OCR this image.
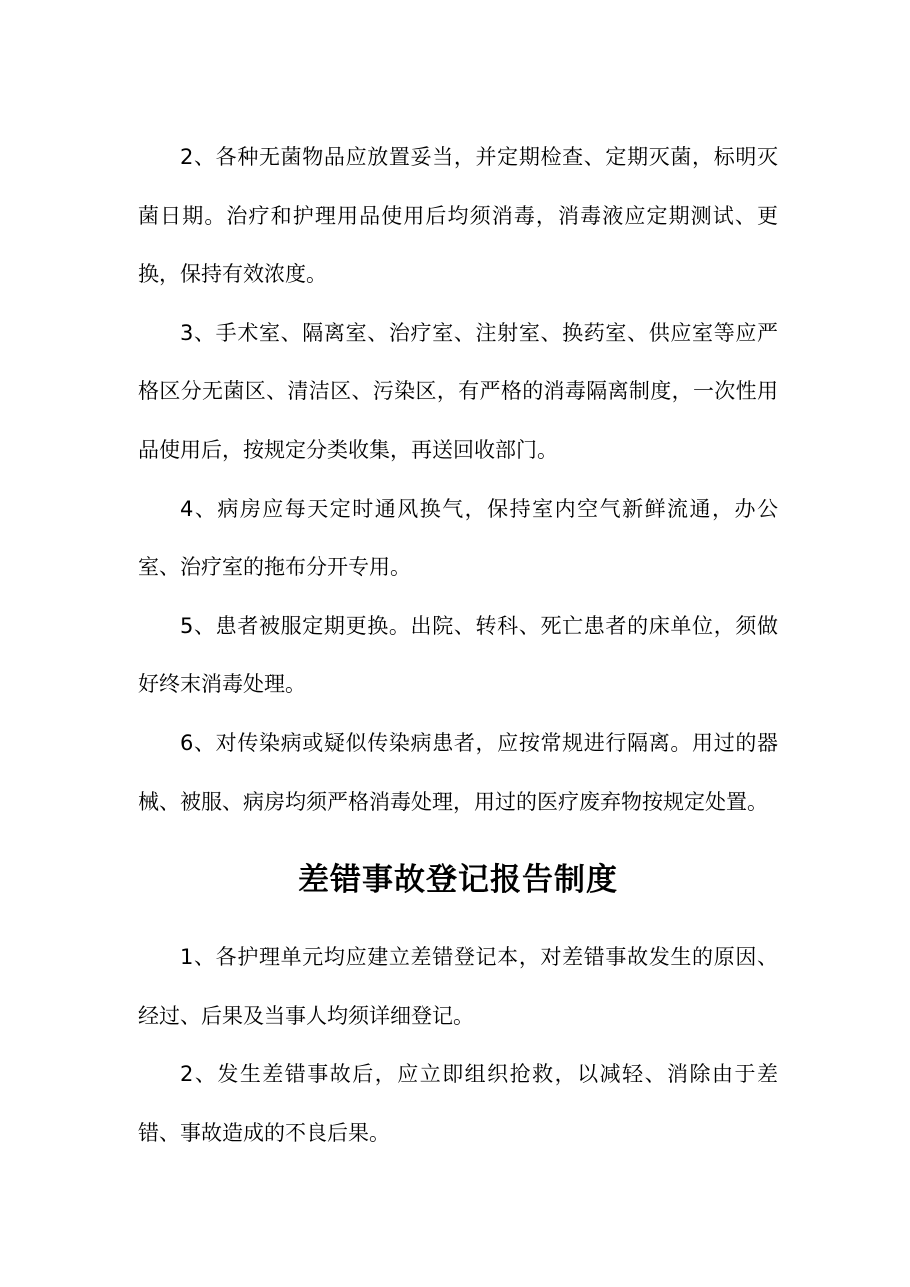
2、各种无菌物品应放置妥当，并定期检查、定期灭菌，标明灭菌日期。治疗和护理用品使用后均须消毒，消毒液应定期测试、更换，保持有效浓度。

3、手术室、隔离室、治疗室、注射室、换药室、供应室等应严格区分无菌区、清洁区、污染区，有严格的消毒隔离制度，一次性用品使用后，按规定分类收集，再送回收部门。

4、病房应每天定时通风换气，保持室内空气新鲜流通，办公室、治疗室的拖布分开专用。

5、患者被服定期更换。出院、转科、死亡患者的床单位，须做好终末消毒处理。

6、对传染病或疑似传染病患者，应按常规进行隔离。用过的器械、被服、病房均须严格消毒处理，用过的医疗废弃物按规定处置。

差错事故登记报告制度

1、各护理单元均应建立差错登记本，对差错事故发生的原因、经过、后果及当事人均须详细登记。

2、发生差错事故后，应立即组织抢救，以减轻、消除由于差错、事故造成的不良后果。
